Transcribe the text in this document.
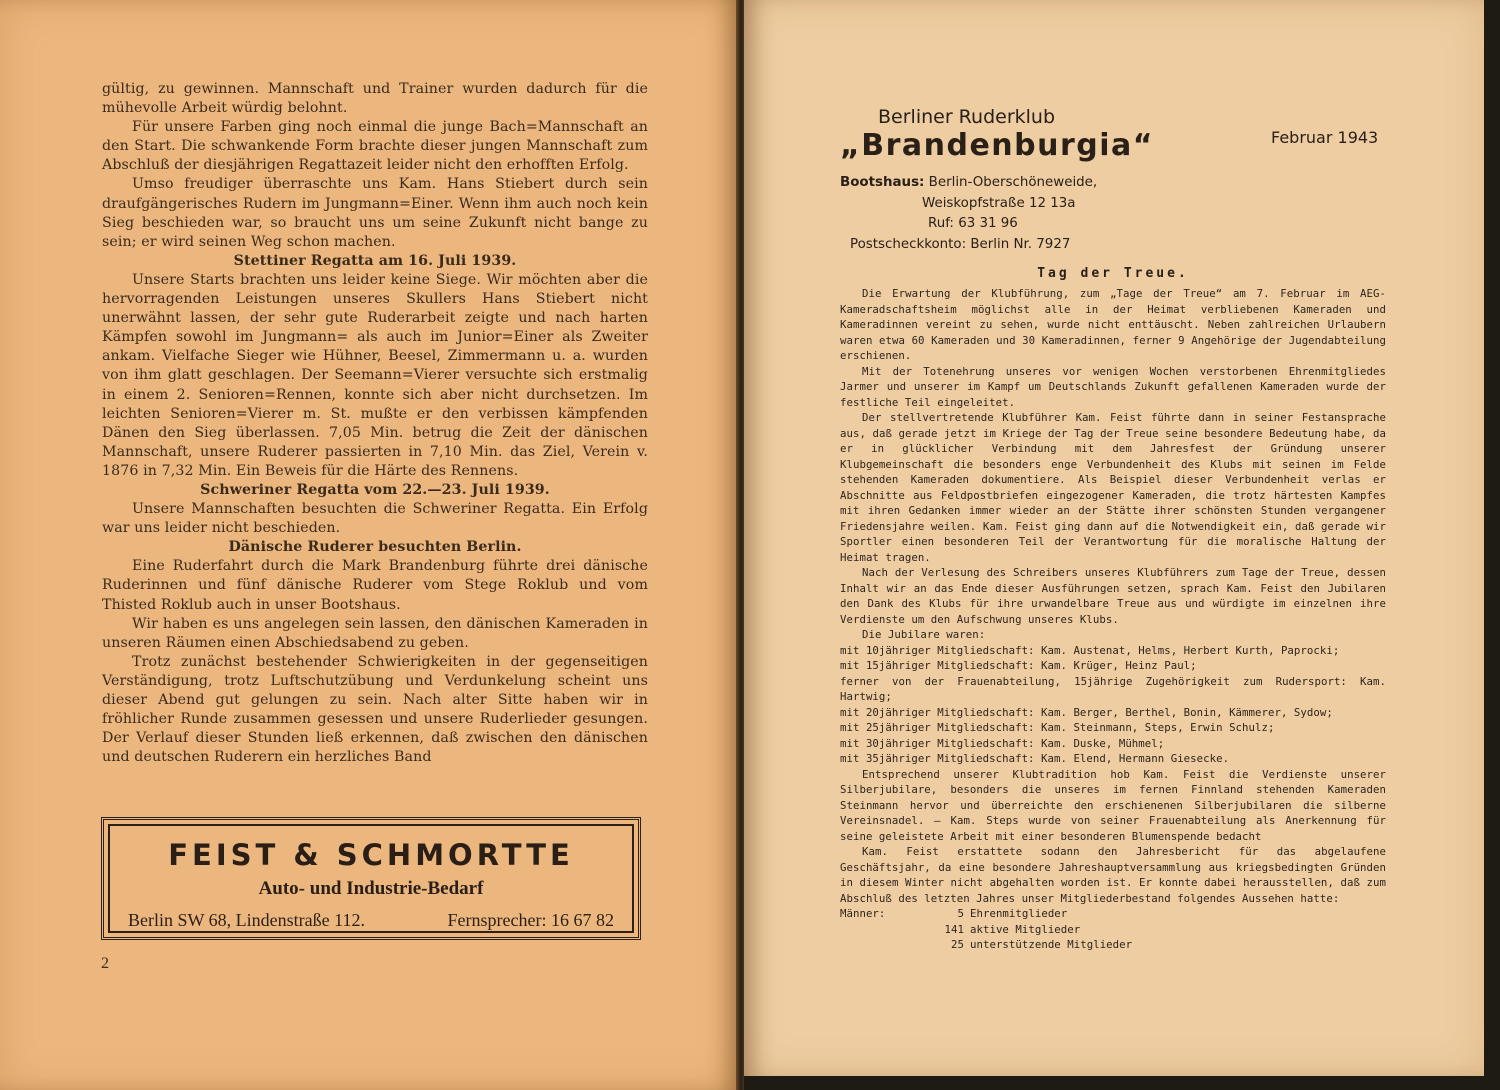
gültig, zu gewinnen. Mannschaft und Trainer wurden dadurch für die mühevolle Arbeit würdig belohnt.

Für unsere Farben ging noch einmal die junge Bach=Mannschaft an den Start. Die schwankende Form brachte dieser jungen Mannschaft zum Abschluß der diesjährigen Regattazeit leider nicht den erhofften Erfolg.

Umso freudiger überraschte uns Kam. Hans Stiebert durch sein draufgängerisches Rudern im Jungmann=Einer. Wenn ihm auch noch kein Sieg beschieden war, so braucht uns um seine Zukunft nicht bange zu sein; er wird seinen Weg schon machen.

Stettiner Regatta am 16. Juli 1939.

Unsere Starts brachten uns leider keine Siege. Wir möchten aber die hervorragenden Leistungen unseres Skullers Hans Stiebert nicht unerwähnt lassen, der sehr gute Ruderarbeit zeigte und nach harten Kämpfen sowohl im Jungmann= als auch im Junior=Einer als Zweiter ankam. Vielfache Sieger wie Hühner, Beesel, Zimmermann u. a. wurden von ihm glatt geschlagen. Der Seemann=Vierer versuchte sich erstmalig in einem 2. Senioren=Rennen, konnte sich aber nicht durchsetzen. Im leichten Senioren=Vierer m. St. mußte er den verbissen kämpfenden Dänen den Sieg überlassen. 7,05 Min. betrug die Zeit der dänischen Mannschaft, unsere Ruderer passierten in 7,10 Min. das Ziel, Verein v. 1876 in 7,32 Min. Ein Beweis für die Härte des Rennens.

Schweriner Regatta vom 22.—23. Juli 1939.

Unsere Mannschaften besuchten die Schweriner Regatta. Ein Erfolg war uns leider nicht beschieden.

Dänische Ruderer besuchten Berlin.

Eine Ruderfahrt durch die Mark Brandenburg führte drei dänische Ruderinnen und fünf dänische Ruderer vom Stege Roklub und vom Thisted Roklub auch in unser Bootshaus.

Wir haben es uns angelegen sein lassen, den dänischen Kameraden in unseren Räumen einen Abschiedsabend zu geben.

Trotz zunächst bestehender Schwierigkeiten in der gegenseitigen Verständigung, trotz Luftschutzübung und Verdunkelung scheint uns dieser Abend gut gelungen zu sein. Nach alter Sitte haben wir in fröhlicher Runde zusammen gesessen und unsere Ruderlieder gesungen. Der Verlauf dieser Stunden ließ erkennen, daß zwischen den dänischen und deutschen Ruderern ein herzliches Band

FEIST & SCHMORTTE
Auto- und Industrie-Bedarf
Berlin SW 68, Lindenstraße 112.	Fernsprecher: 16 67 82
2
Berliner Ruderklub
„Brandenburgia“	Februar 1943
Bootshaus: Berlin-Oberschöneweide,
Weiskopfstraße 12 13a
Ruf: 63 31 96
Postscheckkonto: Berlin Nr. 7927
Tag der Treue.

Die Erwartung der Klubführung, zum „Tage der Treue“ am 7. Februar im AEG-Kameradschaftsheim möglichst alle in der Heimat verbliebenen Kameraden und Kameradinnen vereint zu sehen, wurde nicht enttäuscht. Neben zahlreichen Urlaubern waren etwa 60 Kameraden und 30 Kameradinnen, ferner 9 Angehörige der Jugendabteilung erschienen.

Mit der Totenehrung unseres vor wenigen Wochen verstorbenen Ehrenmitgliedes Jarmer und unserer im Kampf um Deutschlands Zukunft gefallenen Kameraden wurde der festliche Teil eingeleitet.

Der stellvertretende Klubführer Kam. Feist führte dann in seiner Festansprache aus, daß gerade jetzt im Kriege der Tag der Treue seine besondere Bedeutung habe, da er in glücklicher Verbindung mit dem Jahresfest der Gründung unserer Klubgemeinschaft die besonders enge Verbundenheit des Klubs mit seinen im Felde stehenden Kameraden dokumentiere. Als Beispiel dieser Verbundenheit verlas er Abschnitte aus Feldpostbriefen eingezogener Kameraden, die trotz härtesten Kampfes mit ihren Gedanken immer wieder an der Stätte ihrer schönsten Stunden vergangener Friedensjahre weilen. Kam. Feist ging dann auf die Notwendigkeit ein, daß gerade wir Sportler einen besonderen Teil der Verantwortung für die moralische Haltung der Heimat tragen.

Nach der Verlesung des Schreibers unseres Klubführers zum Tage der Treue, dessen Inhalt wir an das Ende dieser Ausführungen setzen, sprach Kam. Feist den Jubilaren den Dank des Klubs für ihre urwandelbare Treue aus und würdigte im einzelnen ihre Verdienste um den Aufschwung unseres Klubs.

Die Jubilare waren:

mit 10jähriger Mitgliedschaft: Kam. Austenat, Helms, Herbert Kurth, Paprocki;

mit 15jähriger Mitgliedschaft: Kam. Krüger, Heinz Paul;

ferner von der Frauenabteilung, 15jährige Zugehörigkeit zum Rudersport: Kam. Hartwig;

mit 20jähriger Mitgliedschaft: Kam. Berger, Berthel, Bonin, Kämmerer, Sydow;

mit 25jähriger Mitgliedschaft: Kam. Steinmann, Steps, Erwin Schulz;

mit 30jähriger Mitgliedschaft: Kam. Duske, Mühmel;

mit 35jähriger Mitgliedschaft: Kam. Elend, Hermann Giesecke.

Entsprechend unserer Klubtradition hob Kam. Feist die Verdienste unserer Silberjubilare, besonders die unseres im fernen Finnland stehenden Kameraden Steinmann hervor und überreichte den erschienenen Silberjubilaren die silberne Vereinsnadel. — Kam. Steps wurde von seiner Frauenabteilung als Anerkennung für seine geleistete Arbeit mit einer besonderen Blumenspende bedacht

Kam. Feist erstattete sodann den Jahresbericht für das abgelaufene Geschäftsjahr, da eine besondere Jahreshauptversammlung aus kriegsbedingten Gründen in diesem Winter nicht abgehalten worden ist. Er konnte dabei herausstellen, daß zum Abschluß des letzten Jahres unser Mitgliederbestand folgendes Aussehen hatte:

Männer:	5 Ehrenmitglieder
141 aktive Mitglieder
25 unterstützende Mitglieder
